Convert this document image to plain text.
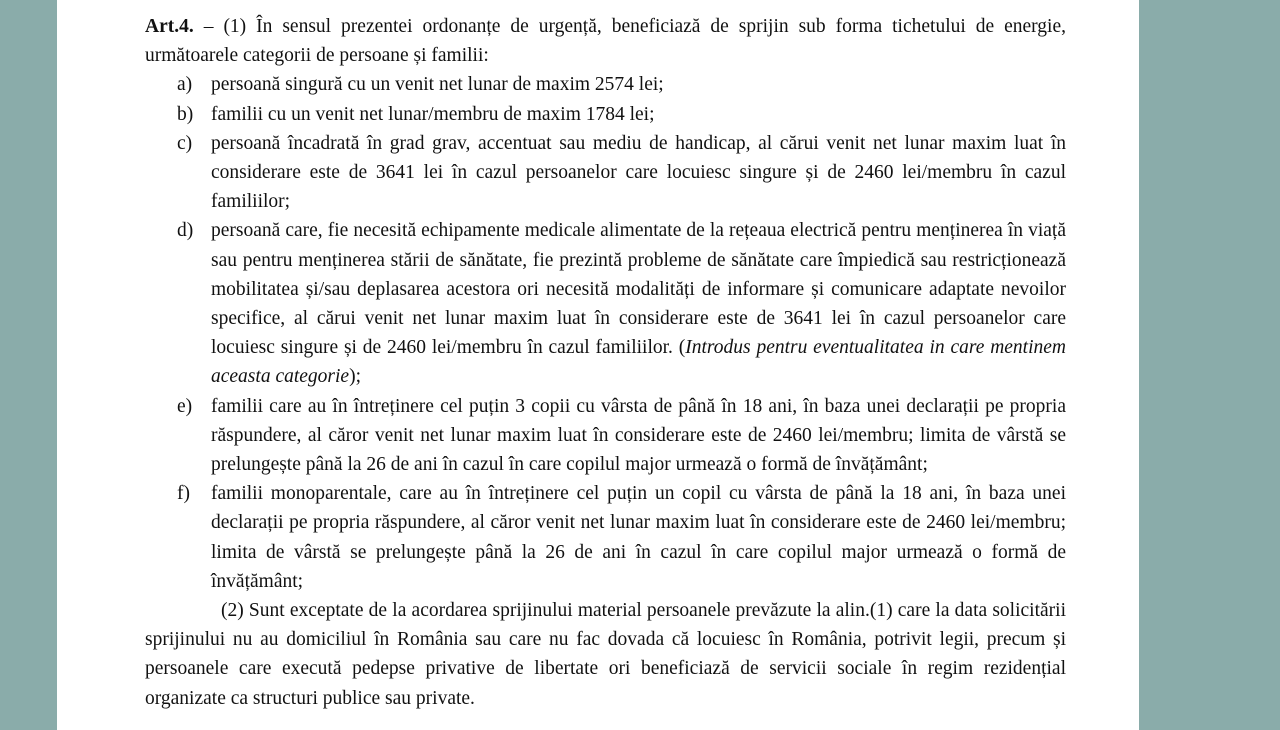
Art.4. – (1) În sensul prezentei ordonanțe de urgență, beneficiază de sprijin sub forma tichetului de energie, următoarele categorii de persoane și familii:
a) persoană singură cu un venit net lunar de maxim 2574 lei;
b) familii cu un venit net lunar/membru de maxim 1784 lei;
c) persoană încadrată în grad grav, accentuat sau mediu de handicap, al cărui venit net lunar maxim luat în considerare este de 3641 lei în cazul persoanelor care locuiesc singure și de 2460 lei/membru în cazul familiilor;
d) persoană care, fie necesită echipamente medicale alimentate de la rețeaua electrică pentru menținerea în viață sau pentru menținerea stării de sănătate, fie prezintă probleme de sănătate care împiedică sau restricționează mobilitatea și/sau deplasarea acestora ori necesită modalități de informare și comunicare adaptate nevoilor specifice, al cărui venit net lunar maxim luat în considerare este de 3641 lei în cazul persoanelor care locuiesc singure și de 2460 lei/membru în cazul familiilor. (Introdus pentru eventualitatea in care mentinem aceasta categorie);
e) familii care au în întreținere cel puțin 3 copii cu vârsta de până în 18 ani, în baza unei declarații pe propria răspundere, al căror venit net lunar maxim luat în considerare este de 2460 lei/membru; limita de vârstă se prelungește până la 26 de ani în cazul în care copilul major urmează o formă de învățământ;
f) familii monoparentale, care au în întreținere cel puțin un copil cu vârsta de până la 18 ani, în baza unei declarații pe propria răspundere, al căror venit net lunar maxim luat în considerare este de 2460 lei/membru; limita de vârstă se prelungește până la 26 de ani în cazul în care copilul major urmează o formă de învățământ;
(2) Sunt exceptate de la acordarea sprijinului material persoanele prevăzute la alin.(1) care la data solicitării sprijinului nu au domiciliul în România sau care nu fac dovada că locuiesc în România, potrivit legii, precum și persoanele care execută pedepse privative de libertate ori beneficiază de servicii sociale în regim rezidențial organizate ca structuri publice sau private.
